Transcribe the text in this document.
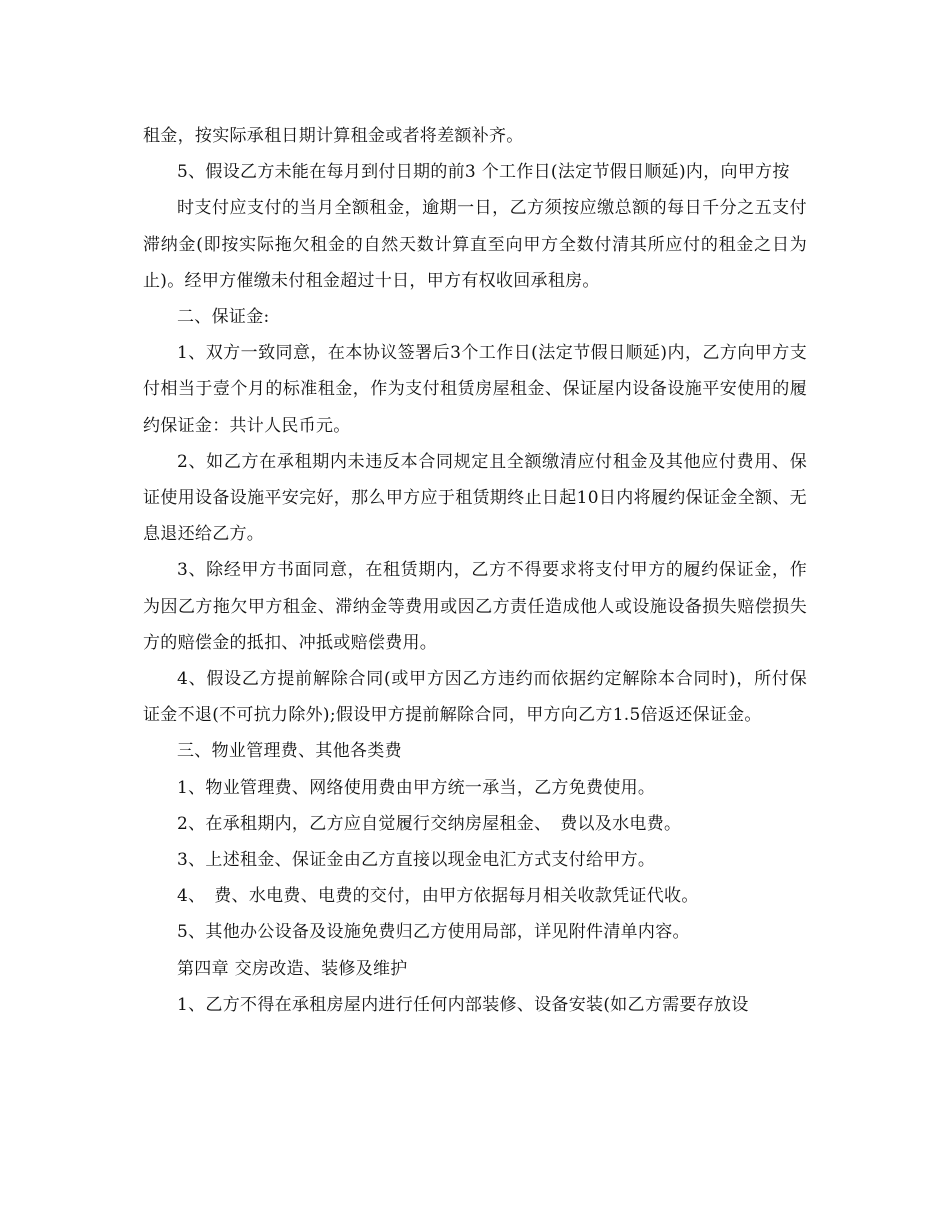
租金，按实际承租日期计算租金或者将差额补齐。

5、假设乙方未能在每月到付日期的前3 个工作日(法定节假日顺延)内，向甲方按

时支付应支付的当月全额租金，逾期一日，乙方须按应缴总额的每日千分之五支付滞纳金(即按实际拖欠租金的自然天数计算直至向甲方全数付清其所应付的租金之日为止)。经甲方催缴未付租金超过十日，甲方有权收回承租房。

二、保证金:

1、双方一致同意，在本协议签署后3个工作日(法定节假日顺延)内，乙方向甲方支付相当于壹个月的标准租金，作为支付租赁房屋租金、保证屋内设备设施平安使用的履约保证金：共计人民币元。

2、如乙方在承租期内未违反本合同规定且全额缴清应付租金及其他应付费用、保证使用设备设施平安完好，那么甲方应于租赁期终止日起10日内将履约保证金全额、无息退还给乙方。

3、除经甲方书面同意，在租赁期内，乙方不得要求将支付甲方的履约保证金，作为因乙方拖欠甲方租金、滞纳金等费用或因乙方责任造成他人或设施设备损失赔偿损失方的赔偿金的抵扣、冲抵或赔偿费用。

4、假设乙方提前解除合同(或甲方因乙方违约而依据约定解除本合同时)，所付保证金不退(不可抗力除外);假设甲方提前解除合同，甲方向乙方1.5倍返还保证金。

三、物业管理费、其他各类费

1、物业管理费、网络使用费由甲方统一承当，乙方免费使用。

2、在承租期内，乙方应自觉履行交纳房屋租金、　费以及水电费。

3、上述租金、保证金由乙方直接以现金电汇方式支付给甲方。

4、　费、水电费、电费的交付，由甲方依据每月相关收款凭证代收。

5、其他办公设备及设施免费归乙方使用局部，详见附件清单内容。

第四章 交房改造、装修及维护

1、乙方不得在承租房屋内进行任何内部装修、设备安装(如乙方需要存放设
